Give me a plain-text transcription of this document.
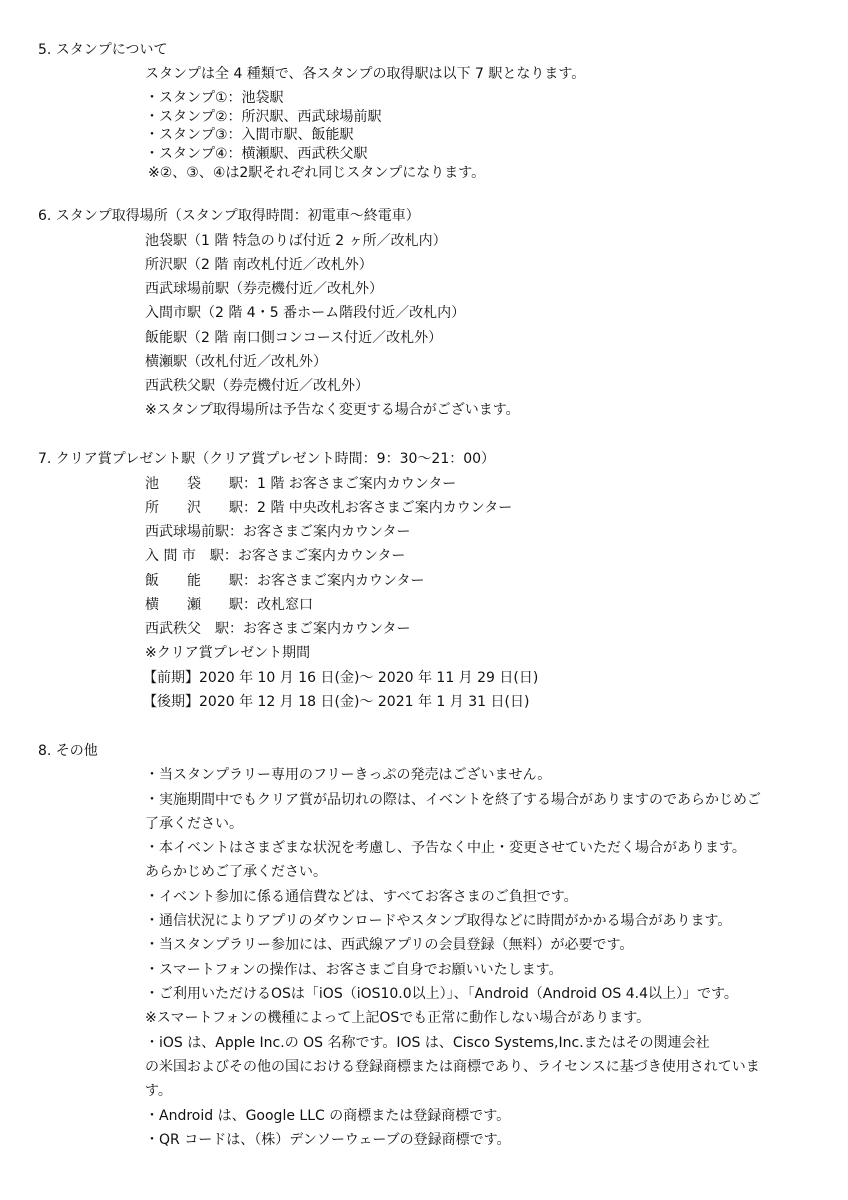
5. スタンプについて
スタンプは全 4 種類で、各スタンプの取得駅は以下 7 駅となります。
・スタンプ①：池袋駅
・スタンプ②：所沢駅、西武球場前駅
・スタンプ③：入間市駅、飯能駅
・スタンプ④：横瀬駅、西武秩父駅
※②、③、④は2駅それぞれ同じスタンプになります。
6. スタンプ取得場所（スタンプ取得時間：初電車～終電車）
池袋駅（1 階 特急のりば付近 2 ヶ所／改札内）
所沢駅（2 階 南改札付近／改札外）
西武球場前駅（券売機付近／改札外）
入間市駅（2 階 4・5 番ホーム階段付近／改札内）
飯能駅（2 階 南口側コンコース付近／改札外）
横瀬駅（改札付近／改札外）
西武秩父駅（券売機付近／改札外）
※スタンプ取得場所は予告なく変更する場合がございます。
7. クリア賞プレゼント駅（クリア賞プレゼント時間：9：30～21：00）
池　　袋　　駅：1 階 お客さまご案内カウンター
所　　沢　　駅：2 階 中央改札お客さまご案内カウンター
西武球場前駅：お客さまご案内カウンター
入 間 市　駅：お客さまご案内カウンター
飯　　能　　駅：お客さまご案内カウンター
横　　瀬　　駅：改札窓口
西武秩父　駅：お客さまご案内カウンター
※クリア賞プレゼント期間
【前期】2020 年 10 月 16 日(金)～ 2020 年 11 月 29 日(日)
【後期】2020 年 12 月 18 日(金)～ 2021 年 1 月 31 日(日)
8. その他
・当スタンプラリー専用のフリーきっぷの発売はございません。
・実施期間中でもクリア賞が品切れの際は、イベントを終了する場合がありますのであらかじめご
了承ください。
・本イベントはさまざまな状況を考慮し、予告なく中止・変更させていただく場合があります。
あらかじめご了承ください。
・イベント参加に係る通信費などは、すべてお客さまのご負担です。
・通信状況によりアプリのダウンロードやスタンプ取得などに時間がかかる場合があります。
・当スタンプラリー参加には、西武線アプリの会員登録（無料）が必要です。
・スマートフォンの操作は、お客さまご自身でお願いいたします。
・ご利用いただけるOSは「iOS（iOS10.0以上）」、「Android（Android OS 4.4以上）」です。
※スマートフォンの機種によって上記OSでも正常に動作しない場合があります。
・iOS は、Apple Inc.の OS 名称です。IOS は、Cisco Systems,Inc.またはその関連会社
の米国およびその他の国における登録商標または商標であり、ライセンスに基づき使用されていま
す。
・Android は、Google LLC の商標または登録商標です。
・QR コードは、（株）デンソーウェーブの登録商標です。
